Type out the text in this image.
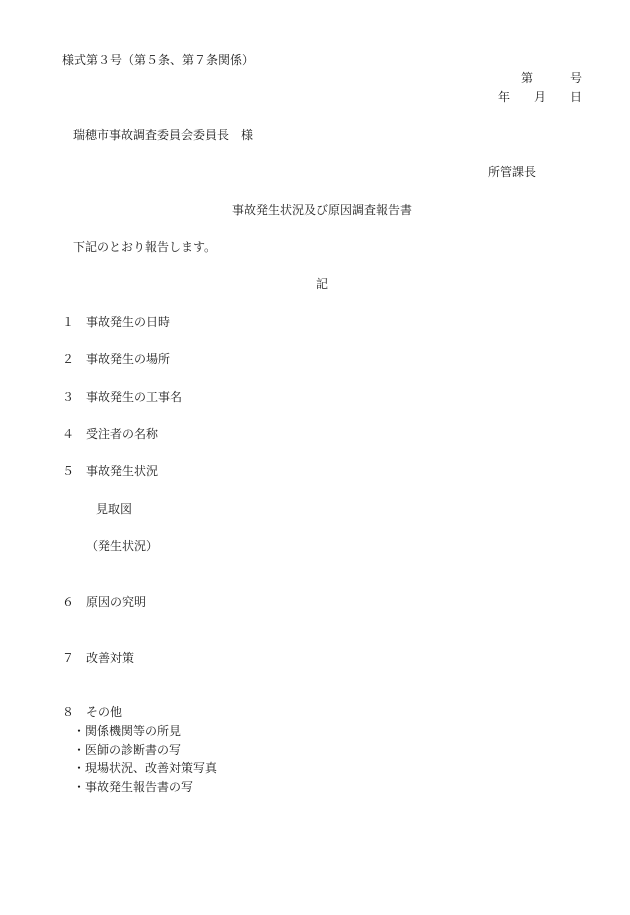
様式第３号（第５条、第７条関係）
第	号
年 月 日
瑞穂市事故調査委員会委員長　様
所管課長
事故発生状況及び原因調査報告書
下記のとおり報告します。
記
１ 事故発生の日時
２ 事故発生の場所
３ 事故発生の工事名
４ 受注者の名称
５ 事故発生状況
見取図
（発生状況）
６ 原因の究明
７ 改善対策
８ その他
・関係機関等の所見
・医師の診断書の写
・現場状況、改善対策写真
・事故発生報告書の写
